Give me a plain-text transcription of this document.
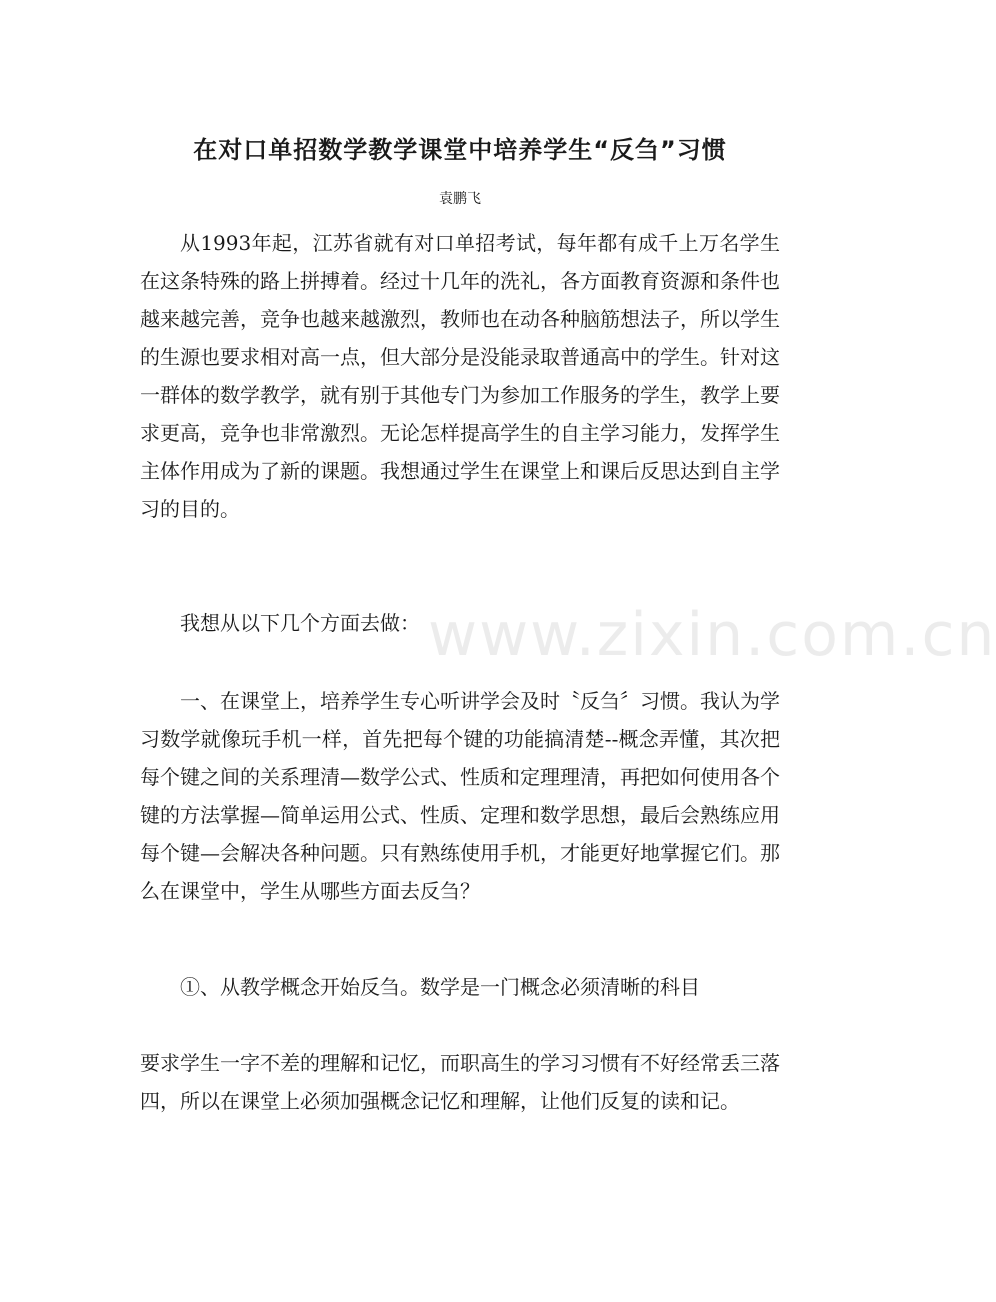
在对口单招数学教学课堂中培养学生“反刍”习惯
袁鹏飞

从1993年起，江苏省就有对口单招考试，每年都有成千上万名学生在这条特殊的路上拼搏着。经过十几年的洗礼，各方面教育资源和条件也越来越完善，竞争也越来越激烈，教师也在动各种脑筋想法子，所以学生的生源也要求相对高一点，但大部分是没能录取普通高中的学生。针对这一群体的数学教学，就有别于其他专门为参加工作服务的学生，教学上要求更高，竞争也非常激烈。无论怎样提高学生的自主学习能力，发挥学生主体作用成为了新的课题。我想通过学生在课堂上和课后反思达到自主学习的目的。

我想从以下几个方面去做：

一、在课堂上，培养学生专心听讲学会及时〝反刍〞习惯。我认为学习数学就像玩手机一样，首先把每个键的功能搞清楚--概念弄懂，其次把每个键之间的关系理清—数学公式、性质和定理理清，再把如何使用各个键的方法掌握—简单运用公式、性质、定理和数学思想，最后会熟练应用每个键—会解决各种问题。只有熟练使用手机，才能更好地掌握它们。那么在课堂中，学生从哪些方面去反刍？

①、从教学概念开始反刍。数学是一门概念必须清晰的科目

要求学生一字不差的理解和记忆，而职高生的学习习惯有不好经常丢三落四，所以在课堂上必须加强概念记忆和理解，让他们反复的读和记。

www.zixin.com.cn
